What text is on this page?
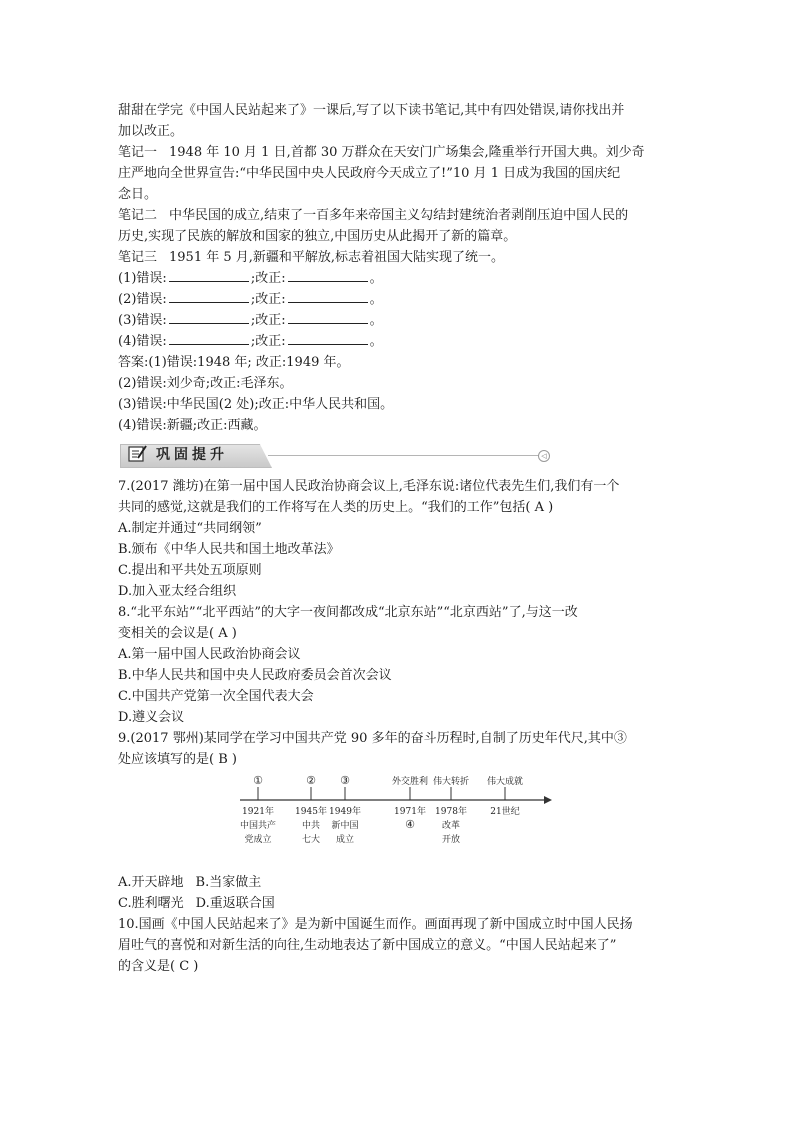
甜甜在学完《中国人民站起来了》一课后,写了以下读书笔记,其中有四处错误,请你找出并

加以改正。

笔记一 1948 年 10 月 1 日,首都 30 万群众在天安门广场集会,隆重举行开国大典。刘少奇

庄严地向全世界宣告:“中华民国中央人民政府今天成立了!”10 月 1 日成为我国的国庆纪

念日。

笔记二 中华民国的成立,结束了一百多年来帝国主义勾结封建统治者剥削压迫中国人民的

历史,实现了民族的解放和国家的独立,中国历史从此揭开了新的篇章。

笔记三 1951 年 5 月,新疆和平解放,标志着祖国大陆实现了统一。

(1)错误:	;改正:	。

(2)错误:	;改正:	。

(3)错误:	;改正:	。

(4)错误:	;改正:	。

答案:(1)错误:1948 年; 改正:1949 年。

(2)错误:刘少奇;改正:毛泽东。

(3)错误:中华民国(2 处);改正:中华人民共和国。

(4)错误:新疆;改正:西藏。

巩固提升	◁

7.(2017 潍坊)在第一届中国人民政治协商会议上,毛泽东说:诸位代表先生们,我们有一个

共同的感觉,这就是我们的工作将写在人类的历史上。“我们的工作”包括( A )

A.制定并通过“共同纲领”

B.颁布《中华人民共和国土地改革法》

C.提出和平共处五项原则

D.加入亚太经合组织

8.“北平东站”“北平西站”的大字一夜间都改成“北京东站”“北京西站”了,与这一改

变相关的会议是( A )

A.第一届中国人民政治协商会议

B.中华人民共和国中央人民政府委员会首次会议

C.中国共产党第一次全国代表大会

D.遵义会议

9.(2017 鄂州)某同学在学习中国共产党 90 多年的奋斗历程时,自制了历史年代尺,其中③

处应该填写的是( B )

①
1921年
中国共产
党成立
②
1945年
中共
七大
③
1949年
新中国
成立
外交胜利
1971年
④
伟大转折
1978年
改革
开放
伟大成就
21世纪

A.开天辟地 B.当家做主

C.胜利曙光 D.重返联合国

10.国画《中国人民站起来了》是为新中国诞生而作。画面再现了新中国成立时中国人民扬

眉吐气的喜悦和对新生活的向往,生动地表达了新中国成立的意义。“中国人民站起来了”

的含义是( C )
